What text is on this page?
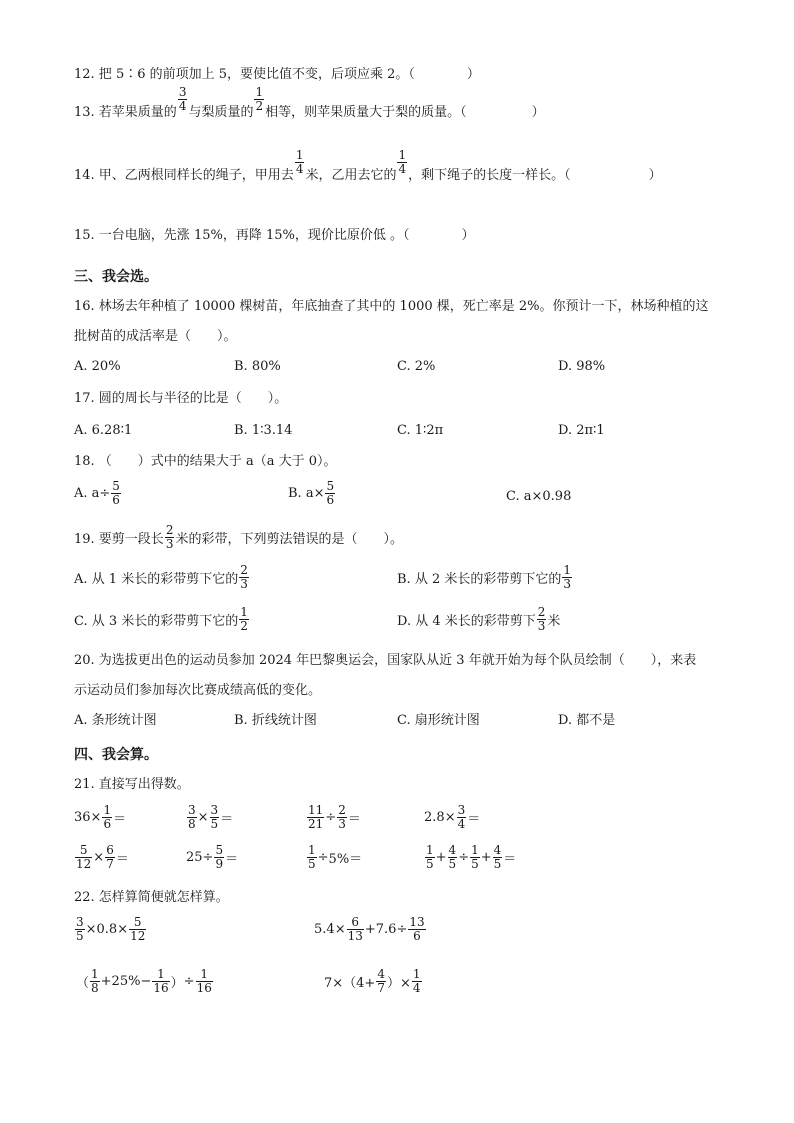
12. 把 5∶6 的前项加上 5，要使比值不变，后项应乘 2。（　　　　）
13. 若苹果质量的 $\frac{3}{4}$ 与梨质量的 $\frac{1}{2}$ 相等，则苹果质量大于梨的质量。（　　　　　）
14. 甲、乙两根同样长的绳子，甲用去 $\frac{1}{4}$ 米，乙用去它的 $\frac{1}{4}$ ，剩下绳子的长度一样长。（　　　　　　）
15. 一台电脑，先涨 15%，再降 15%，现价比原价低 。（　　　　）
三、我会选。
16. 林场去年种植了 10000 棵树苗，年底抽查了其中的 1000 棵，死亡率是 2%。你预计一下，林场种植的这
批树苗的成活率是（　　）。
A. 20%	B. 80%	C. 2%	D. 98%
17. 圆的周长与半径的比是（　　）。
A. 6.28∶1	B. 1∶3.14	C. 1∶2π	D. 2π∶1
18. （　　）式中的结果大于 a（a 大于 0）。
A. $a\div \frac{5}{6}$	B. $a\times \frac{5}{6}$	C. a×0.98
19. 要剪一段长 $\frac{2}{3}$ 米的彩带，下列剪法错误的是（　　）。
A. 从 1 米长的彩带剪下它的 $\frac{2}{3}$	B. 从 2 米长的彩带剪下它的 $\frac{1}{3}$
C. 从 3 米长的彩带剪下它的 $\frac{1}{2}$	D. 从 4 米长的彩带剪下 $\frac{2}{3}$ 米
20. 为选拔更出色的运动员参加 2024 年巴黎奥运会，国家队从近 3 年就开始为每个队员绘制（　　），来表
示运动员们参加每次比赛成绩高低的变化。
A. 条形统计图	B. 折线统计图	C. 扇形统计图	D. 都不是
四、我会算。
21. 直接写出得数。
$36 \times \frac{1}{6}$ ＝	$\frac{3}{8} \times \frac{3}{5}$ ＝	$\frac{11}{21} \div \frac{2}{3}$ ＝	$2.8 \times \frac{3}{4}$ ＝
$\frac{5}{12} \times \frac{6}{7}$ ＝	$25 \div \frac{5}{9}$ ＝	$\frac{1}{5} \div 5\%=$	$\frac{1}{5} + \frac{4}{5} \div \frac{1}{5} + \frac{4}{5}$ ＝
22. 怎样算简便就怎样算。
$\frac{3}{5} \times 0.8\times \frac{5}{12}$	$5.4 \times \frac{6}{13} +7.6\div \frac{13}{6}$
（ $\frac{1}{8} +25\% - \frac{1}{16}$ ） ÷ $\frac{1}{16}$	$7\times(4+ \frac{4}{7}$ ）× $\frac{1}{4}$
